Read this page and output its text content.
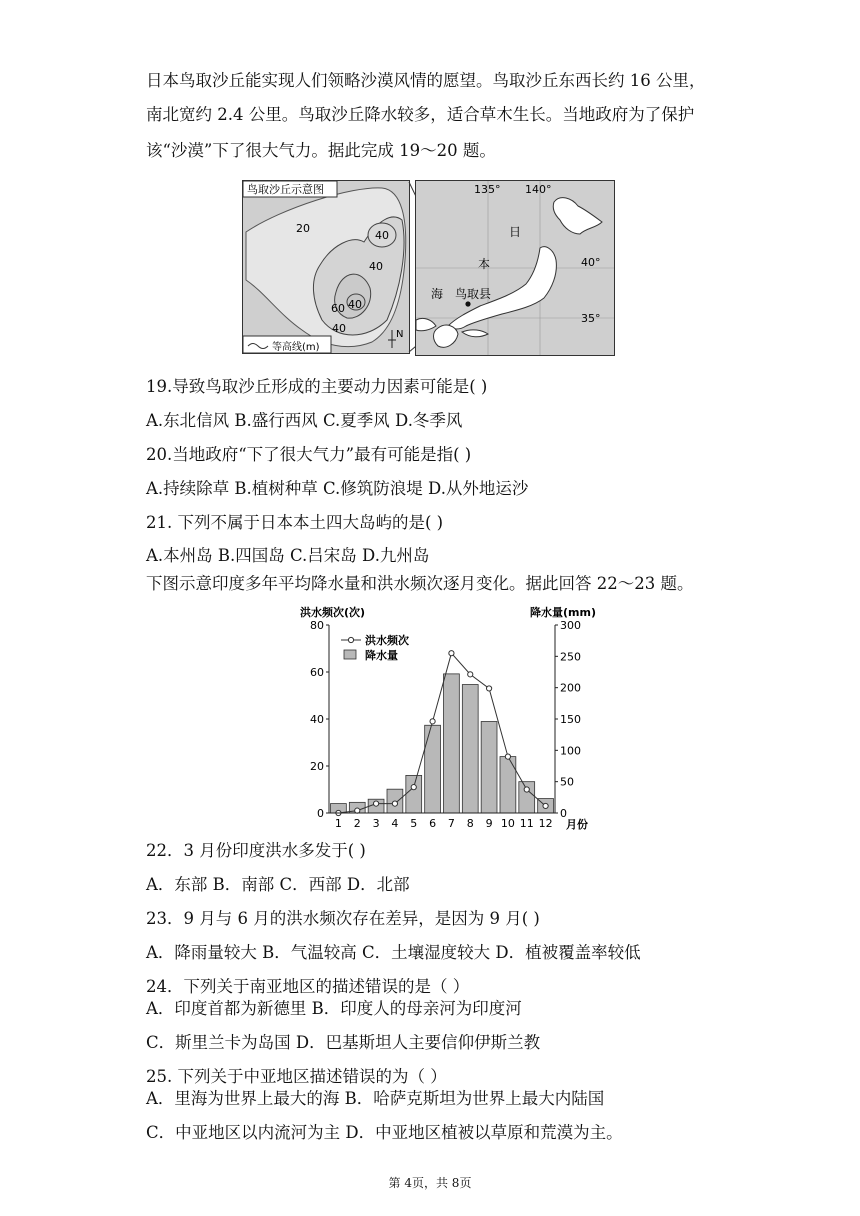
日本鸟取沙丘能实现人们领略沙漠风情的愿望。鸟取沙丘东西长约 16 公里，
南北宽约 2.4 公里。鸟取沙丘降水较多，适合草木生长。当地政府为了保护
该“沙漠”下了很大气力。据此完成 19～20 题。
鸟取沙丘示意图
20
40
40
60 40
40
等高线(m)
N
135° 140°
40°
35°
日
本
海 鸟取县
19.导致鸟取沙丘形成的主要动力因素可能是( )
A.东北信风 B.盛行西风 C.夏季风 D.冬季风
20.当地政府“下了很大气力”最有可能是指( )
A.持续除草 B.植树种草 C.修筑防浪堤 D.从外地运沙
21. 下列不属于日本本土四大岛屿的是( )
A.本州岛 B.四国岛 C.吕宋岛 D.九州岛
下图示意印度多年平均降水量和洪水频次逐月变化。据此回答 22～23 题。
洪水频次(次)	降水量(mm)
0
20
40
60
80
0
50
100
150
200
250
300
1 2 3 4 5 6 7 8 9 10 11 12
洪水频次
降水量
月份
22．3 月份印度洪水多发于( )
A．东部 B．南部 C．西部 D．北部
23．9 月与 6 月的洪水频次存在差异，是因为 9 月( )
A．降雨量较大 B．气温较高 C．土壤湿度较大 D．植被覆盖率较低
24．下列关于南亚地区的描述错误的是（ ）
A．印度首都为新德里 B．印度人的母亲河为印度河
C．斯里兰卡为岛国 D．巴基斯坦人主要信仰伊斯兰教
25. 下列关于中亚地区描述错误的为（ ）
A．里海为世界上最大的海 B．哈萨克斯坦为世界上最大内陆国
C．中亚地区以内流河为主 D．中亚地区植被以草原和荒漠为主。
第 4页，共 8页
